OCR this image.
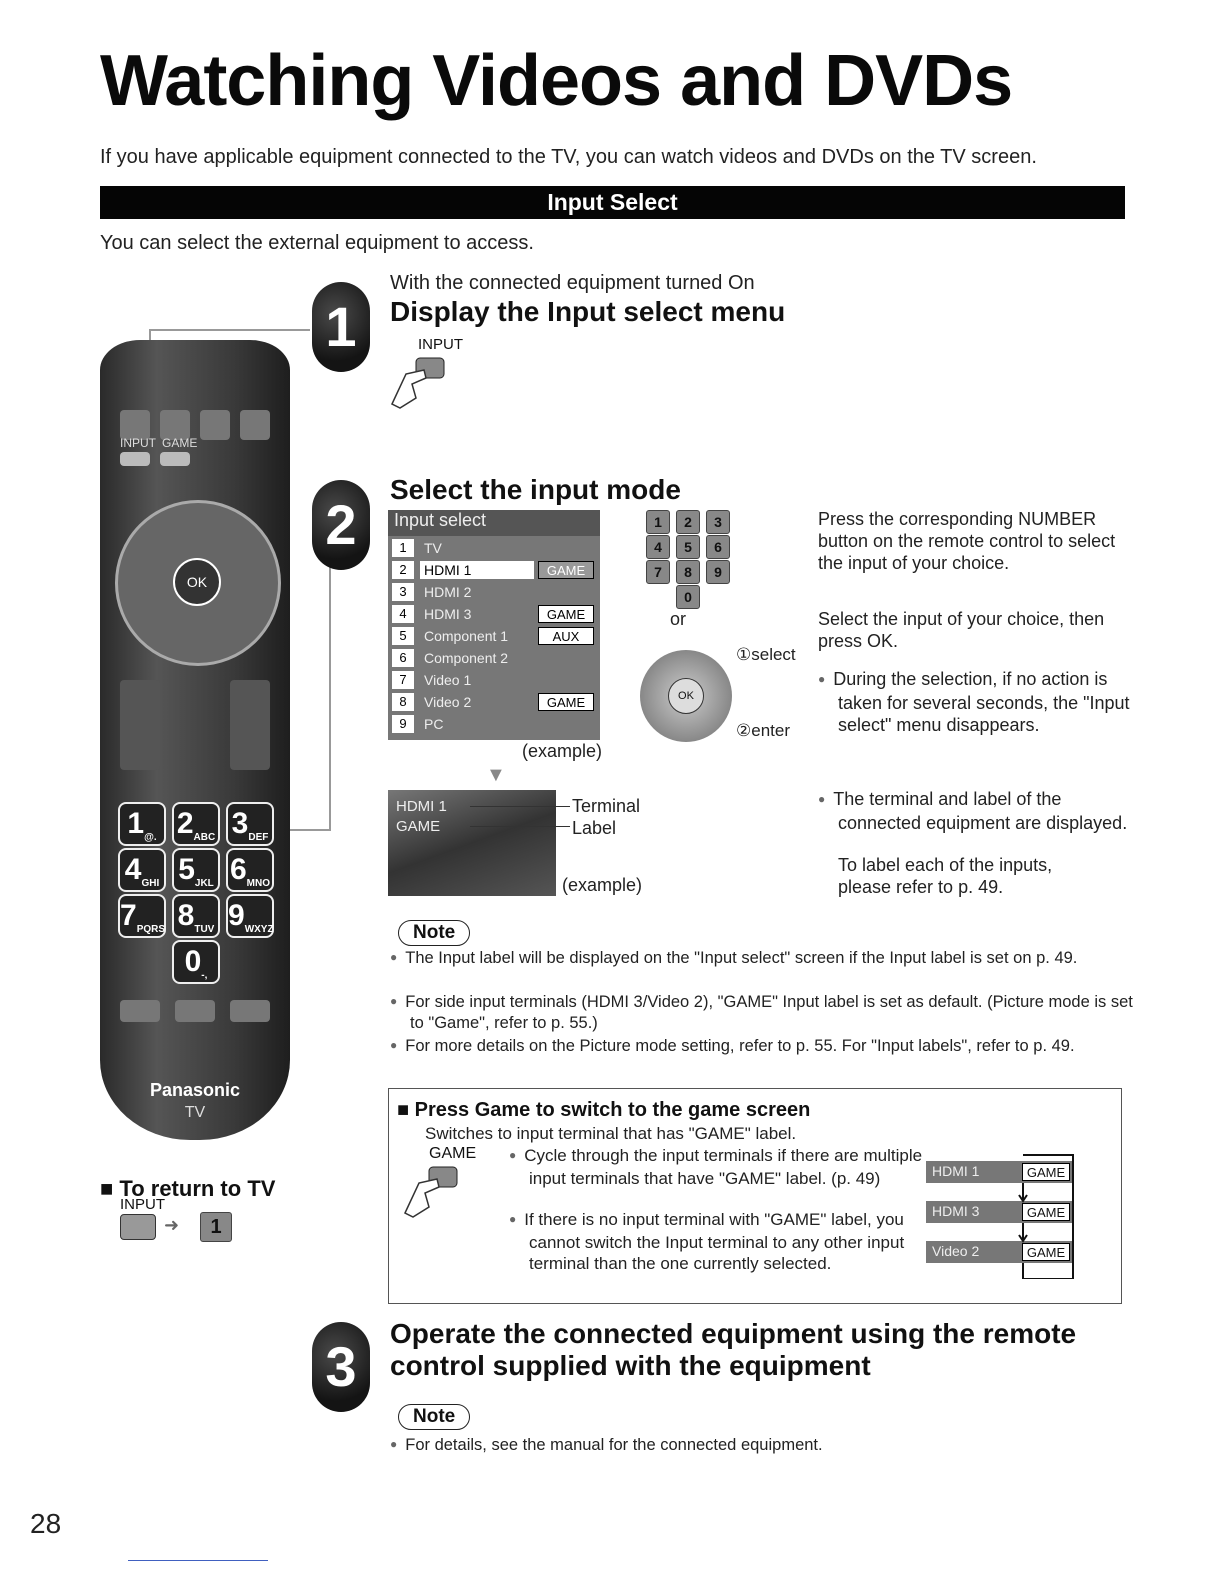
Watching Videos and DVDs
If you have applicable equipment connected to the TV, you can watch videos and DVDs on the TV screen.
Input Select
You can select the external equipment to access.
INPUT GAME
OK
$1_{@.}$ $2_{ABC}$ $3_{DEF}$
$4_{GHI}$ $5_{JKL}$ $6_{MNO}$
$7_{PQRS}$ $8_{TUV}$ $9_{WXYZ}$
$0_{-,}$
Panasonic
TV
■ To return to TV
INPUT
➜	1
1
With the connected equipment turned On
Display the Input select menu
INPUT
2
Select the input mode
Input select
1	TV
2	HDMI 1	GAME
3	HDMI 2
4	HDMI 3	GAME
5	Component 1	AUX
6	Component 2
7	Video 1
8	Video 2	GAME
9	PC
(example)
▼
1	2	3
4	5	6
7	8	9
0
or
OK
①select
②enter
Press the corresponding NUMBER button on the remote control to select the input of your choice.
Select the input of your choice, then press OK.
● During the selection, if no action is taken for several seconds, the "Input select" menu disappears.
HDMI 1
GAME
Terminal
Label
(example)
● The terminal and label of the connected equipment are displayed.
To label each of the inputs, please refer to p. 49.
Note
● The Input label will be displayed on the "Input select" screen if the Input label is set on p. 49.
● For side input terminals (HDMI 3/Video 2), "GAME" Input label is set as default. (Picture mode is set to "Game", refer to p. 55.)
● For more details on the Picture mode setting, refer to p. 55. For "Input labels", refer to p. 49.
■ Press Game to switch to the game screen
Switches to input terminal that has "GAME" label.
GAME
●	Cycle through the input terminals if there are multiple input terminals that have "GAME" label. (p. 49)
● If there is no input terminal with "GAME" label, you cannot switch the Input terminal to any other input terminal than the one currently selected.
HDMI 1	GAME
HDMI 3	GAME
Video 2	GAME
3
Operate the connected equipment using the remote
control supplied with the equipment
Note
● For details, see the manual for the connected equipment.
28
